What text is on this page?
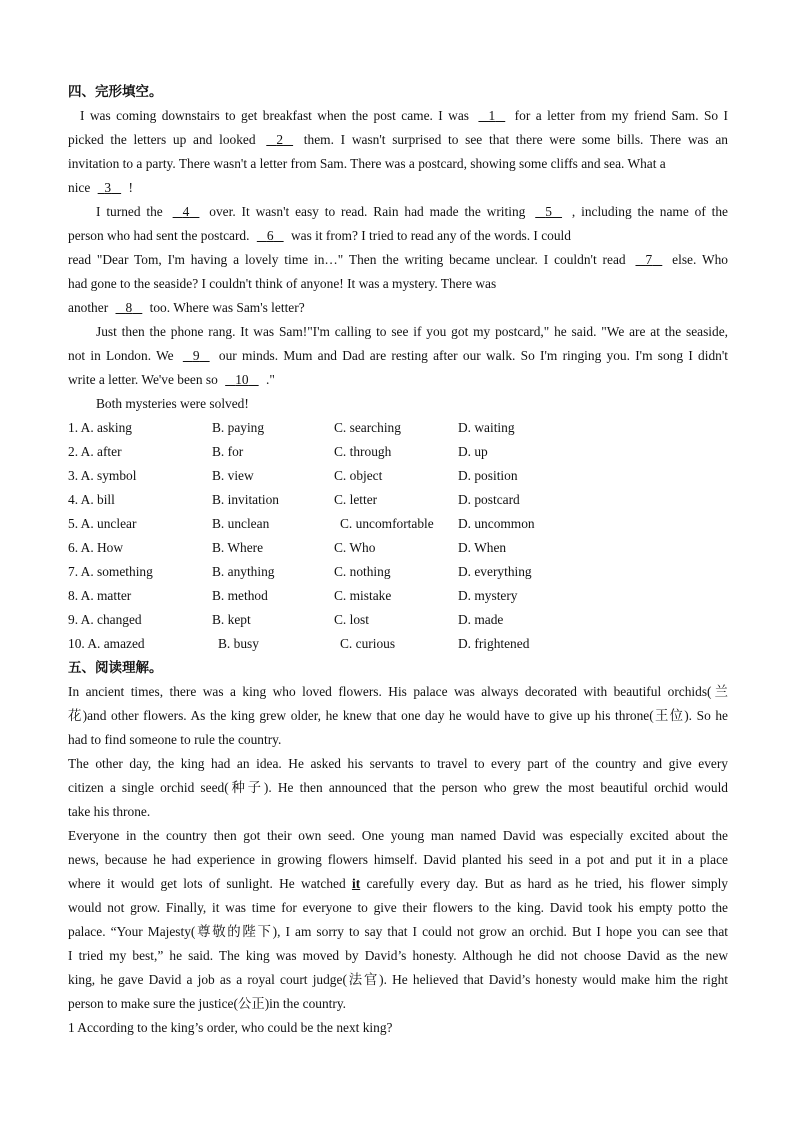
四、完形填空。
I was coming downstairs to get breakfast when the post came. I was    1    for a letter from my friend Sam. So I
picked the letters up and looked    2    them. I wasn't surprised to see that there were some bills. There was an
invitation to a party. There wasn't a letter from Sam. There was a postcard, showing some cliffs and sea. What a
nice   3    !
I turned the    4    over. It wasn't easy to read. Rain had made the writing    5    , including the name of the
person who had sent the postcard.    6    was it from? I tried to read any of the words. I could
read "Dear Tom, I'm having a lovely time in…" Then the writing became unclear. I couldn't read    7    else. Who
had gone to the seaside? I couldn't think of anyone! It was a mystery. There was
another    8    too. Where was Sam's letter?
Just then the phone rang. It was Sam!"I'm calling to see if you got my postcard," he said. "We are at the seaside,
not in London. We    9    our minds. Mum and Dad are resting after our walk. So I'm ringing you. I'm song I didn't
write a letter. We've been so    10    ."
Both mysteries were solved!
1. A. asking	B. paying	C. searching	D. waiting
2. A. after	B. for	C. through	D. up
3. A. symbol	B. view	C. object	D. position
4. A. bill	B. invitation	C. letter	D. postcard
5. A. unclear	B. unclean	C. uncomfortable D. uncommon
6. A. How	B. Where	C. Who	D. When
7. A. something	B. anything	C. nothing	D. everything
8. A. matter	B. method	C. mistake	D. mystery
9. A. changed	B. kept	C. lost	D. made
10. A. amazed	B. busy	C. curious	D. frightened
五、阅读理解。
In ancient times, there was a king who loved flowers. His palace was always decorated with beautiful orchids(兰
花)and other flowers. As the king grew older, he knew that one day he would have to give up his throne(王位). So he
had to find someone to rule the country.
The other day, the king had an idea. He asked his servants to travel to every part of the country and give every
citizen a single orchid seed(种子). He then announced that the person who grew the most beautiful orchid would
take his throne.
Everyone in the country then got their own seed. One young man named David was especially excited about the
news, because he had experience in growing flowers himself. David planted his seed in a pot and put it in a place
where it would get lots of sunlight. He watched it carefully every day. But as hard as he tried, his flower simply
would not grow. Finally, it was time for everyone to give their flowers to the king. David took his empty potto the
palace. “Your Majesty(尊敬的陛下), I am sorry to say that I could not grow an orchid. But I hope you can see that
I tried my best,” he said. The king was moved by David’s honesty. Although he did not choose David as the new
king, he gave David a job as a royal court judge(法官). He helieved that David’s honesty would make him the right
person to make sure the justice(公正)in the country.
1 According to the king’s order, who could be the next king?
